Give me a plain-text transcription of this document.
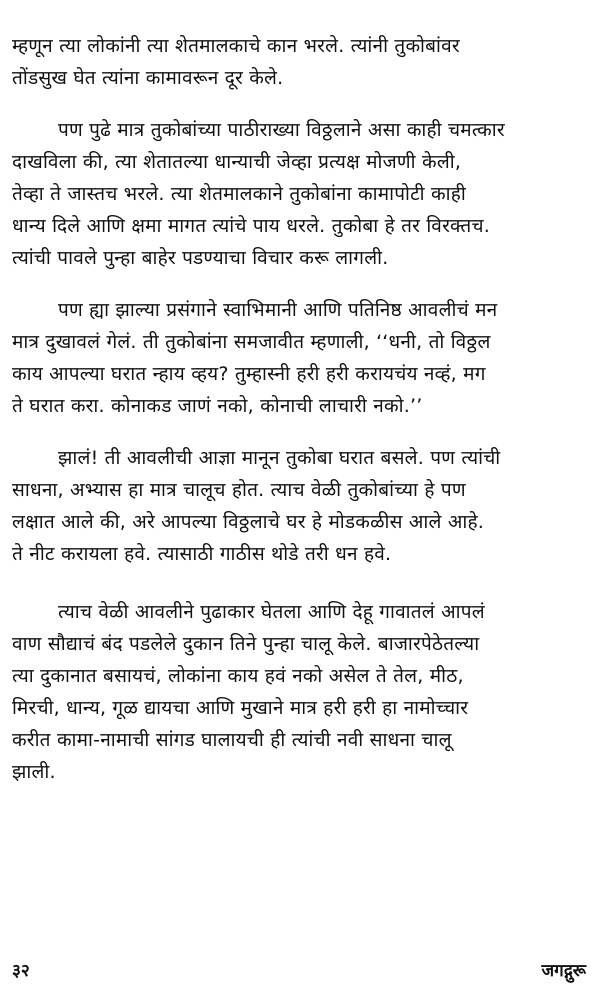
म्हणून त्या लोकांनी त्या शेतमालकाचे कान भरले. त्यांनी तुकोबांवर
तोंडसुख घेत त्यांना कामावरून दूर केले.

पण पुढे मात्र तुकोबांच्या पाठीराख्या विठ्ठलाने असा काही चमत्कार
दाखविला की, त्या शेतातल्या धान्याची जेव्हा प्रत्यक्ष मोजणी केली,
तेव्हा ते जास्तच भरले. त्या शेतमालकाने तुकोबांना कामापोटी काही
धान्य दिले आणि क्षमा मागत त्यांचे पाय धरले. तुकोबा हे तर विरक्तच.
त्यांची पावले पुन्हा बाहेर पडण्याचा विचार करू लागली.

पण ह्या झाल्या प्रसंगाने स्वाभिमानी आणि पतिनिष्ठ आवलीचं मन
मात्र दुखावलं गेलं. ती तुकोबांना समजावीत म्हणाली, ‘‘धनी, तो विठ्ठल
काय आपल्या घरात न्हाय व्हय? तुम्हास्नी हरी हरी करायचंय नव्हं, मग
ते घरात करा. कोनाकड जाणं नको, कोनाची लाचारी नको.’’

झालं! ती आवलीची आज्ञा मानून तुकोबा घरात बसले. पण त्यांची
साधना, अभ्यास हा मात्र चालूच होत. त्याच वेळी तुकोबांच्या हे पण
लक्षात आले की, अरे आपल्या विठ्ठलाचे घर हे मोडकळीस आले आहे.
ते नीट करायला हवे. त्यासाठी गाठीस थोडे तरी धन हवे.

त्याच वेळी आवलीने पुढाकार घेतला आणि देहू गावातलं आपलं
वाण सौद्याचं बंद पडलेले दुकान तिने पुन्हा चालू केले. बाजारपेठेतल्या
त्या दुकानात बसायचं, लोकांना काय हवं नको असेल ते तेल, मीठ,
मिरची, धान्य, गूळ द्यायचा आणि मुखाने मात्र हरी हरी हा नामोच्चार
करीत कामा-नामाची सांगड घालायची ही त्यांची नवी साधना चालू
झाली.

३२	जगद्गुरू
